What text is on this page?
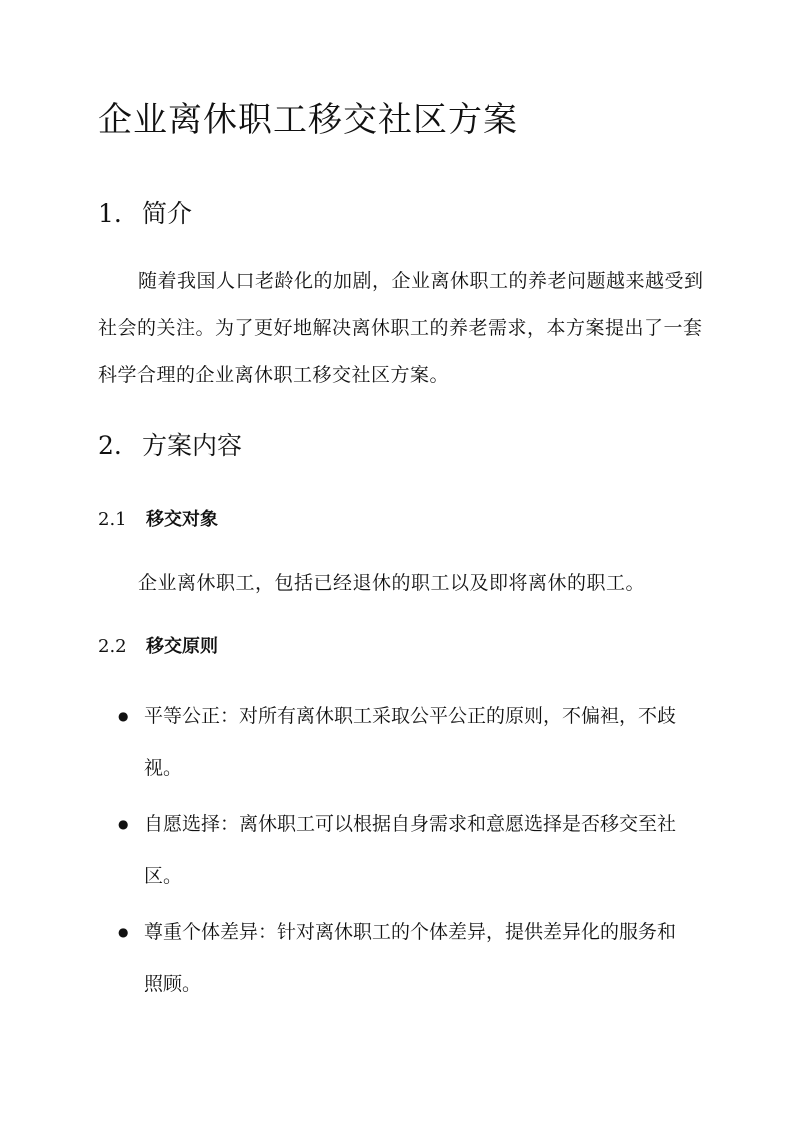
企业离休职工移交社区方案
1. 简介

随着我国人口老龄化的加剧，企业离休职工的养老问题越来越受到社会的关注。为了更好地解决离休职工的养老需求，本方案提出了一套科学合理的企业离休职工移交社区方案。

2. 方案内容
2.1 移交对象

企业离休职工，包括已经退休的职工以及即将离休的职工。

2.2 移交原则
● 平等公正：对所有离休职工采取公平公正的原则，不偏袒，不歧视。
● 自愿选择：离休职工可以根据自身需求和意愿选择是否移交至社区。
● 尊重个体差异：针对离休职工的个体差异，提供差异化的服务和照顾。
